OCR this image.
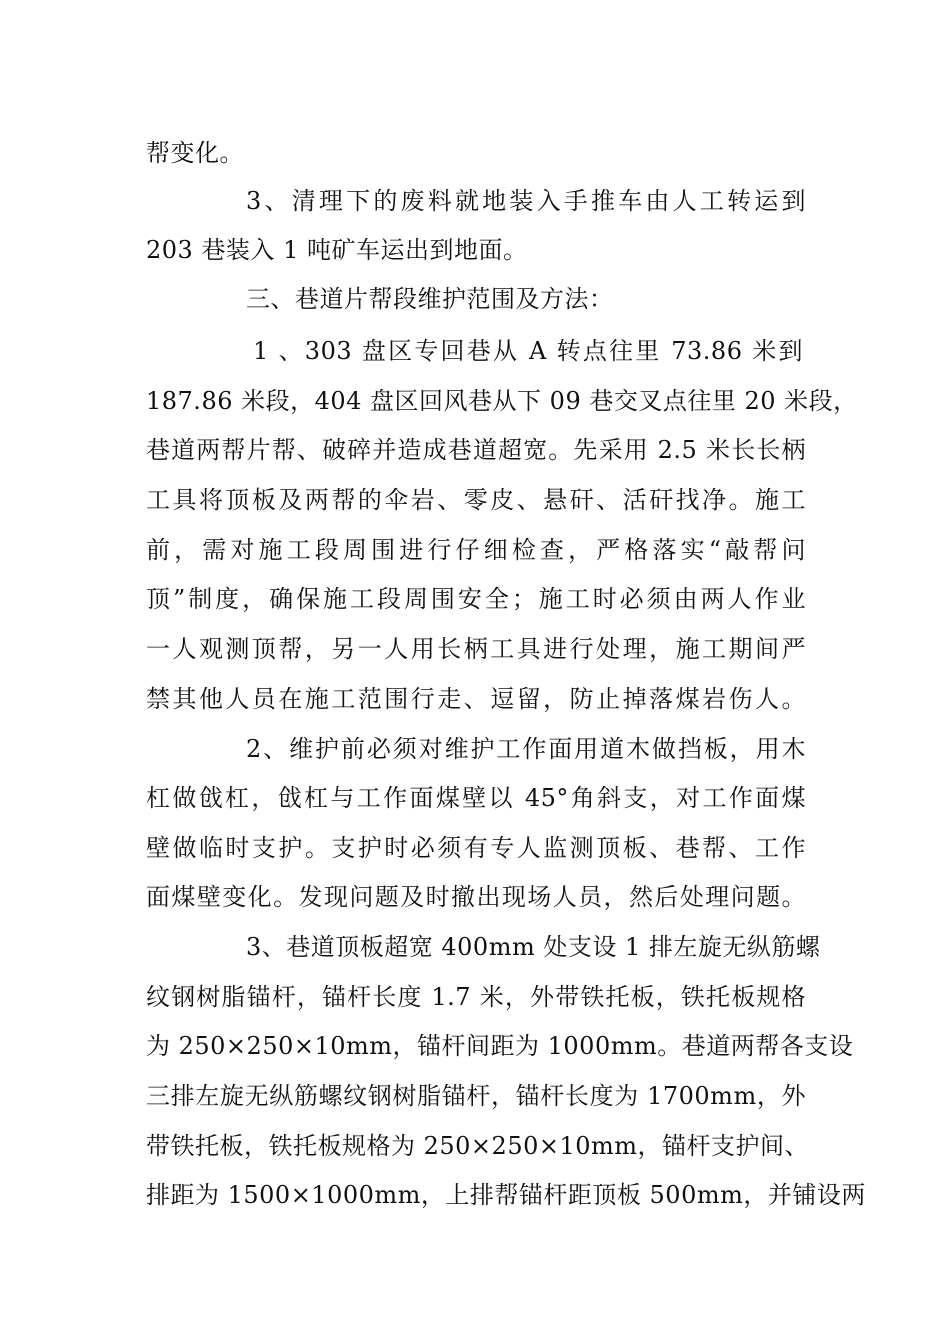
帮变化。
3、清理下的废料就地装入手推车由人工转运到
203 巷装入 1 吨矿车运出到地面。
三、巷道片帮段维护范围及方法：
1 、303 盘区专回巷从 A 转点往里 73.86 米到
187.86 米段，404 盘区回风巷从下 09 巷交叉点往里 20 米段，
巷道两帮片帮、破碎并造成巷道超宽。先采用 2.5 米长长柄
工具将顶板及两帮的伞岩、零皮、悬矸、活矸找净。施工
前，需对施工段周围进行仔细检查，严格落实“敲帮问
顶”制度，确保施工段周围安全；施工时必须由两人作业
一人观测顶帮，另一人用长柄工具进行处理，施工期间严
禁其他人员在施工范围行走、逗留，防止掉落煤岩伤人。
2、维护前必须对维护工作面用道木做挡板，用木
杠做戗杠，戗杠与工作面煤壁以 45°角斜支，对工作面煤
壁做临时支护。支护时必须有专人监测顶板、巷帮、工作
面煤壁变化。发现问题及时撤出现场人员，然后处理问题。
3、巷道顶板超宽 400mm 处支设 1 排左旋无纵筋螺
纹钢树脂锚杆，锚杆长度 1.7 米，外带铁托板，铁托板规格
为 250×250×10mm，锚杆间距为 1000mm。巷道两帮各支设
三排左旋无纵筋螺纹钢树脂锚杆，锚杆长度为 1700mm，外
带铁托板，铁托板规格为 250×250×10mm，锚杆支护间、
排距为 1500×1000mm，上排帮锚杆距顶板 500mm，并铺设两
